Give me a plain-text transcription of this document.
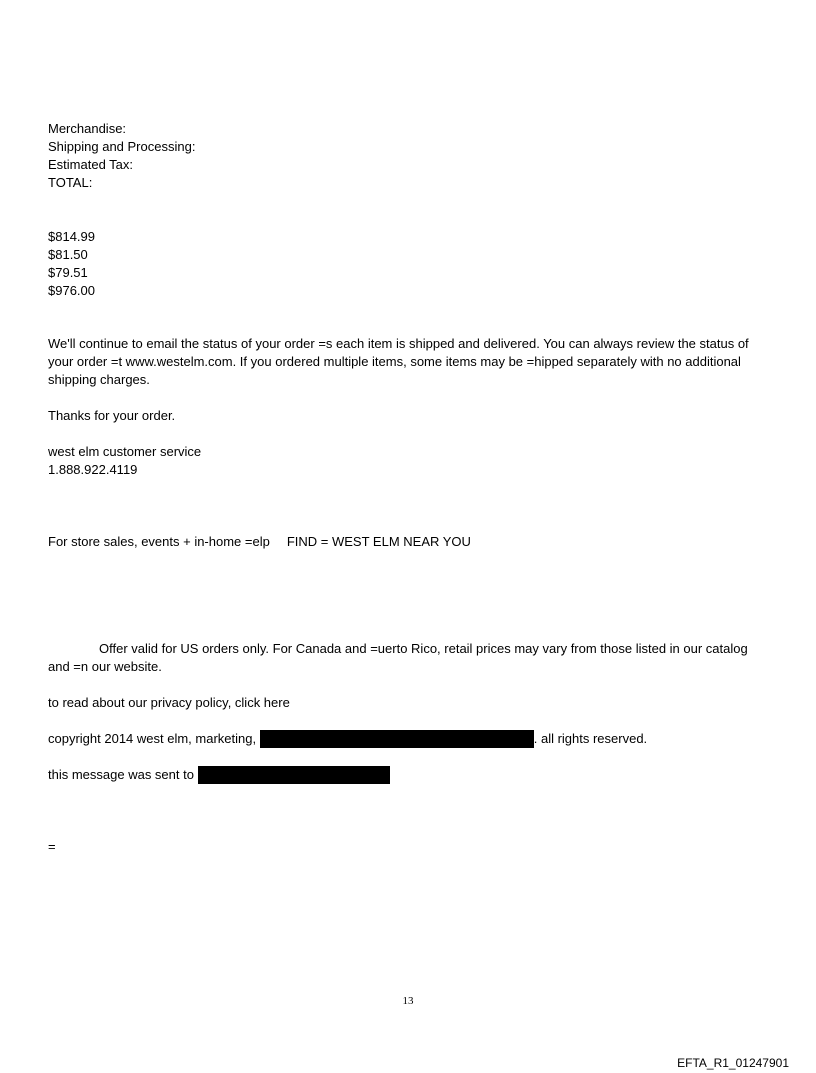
Merchandise:
Shipping and Processing:
Estimated Tax:
TOTAL:
$814.99
$81.50
$79.51
$976.00
We'll continue to email the status of your order =s each item is shipped and delivered. You can always review the status of your order =t www.westelm.com. If you ordered multiple items, some items may be =hipped separately with no additional shipping charges.
Thanks for your order.
west elm customer service
1.888.922.4119
For store sales, events + in-home =elp FIND = WEST ELM NEAR YOU
Offer valid for US orders only. For Canada and =uerto Rico, retail prices may vary from those listed in our catalog and =n our website.
to read about our privacy policy, click here
copyright 2014 west elm, marketing,	. all rights reserved.
this message was sent to
=
13
EFTA_R1_01247901
